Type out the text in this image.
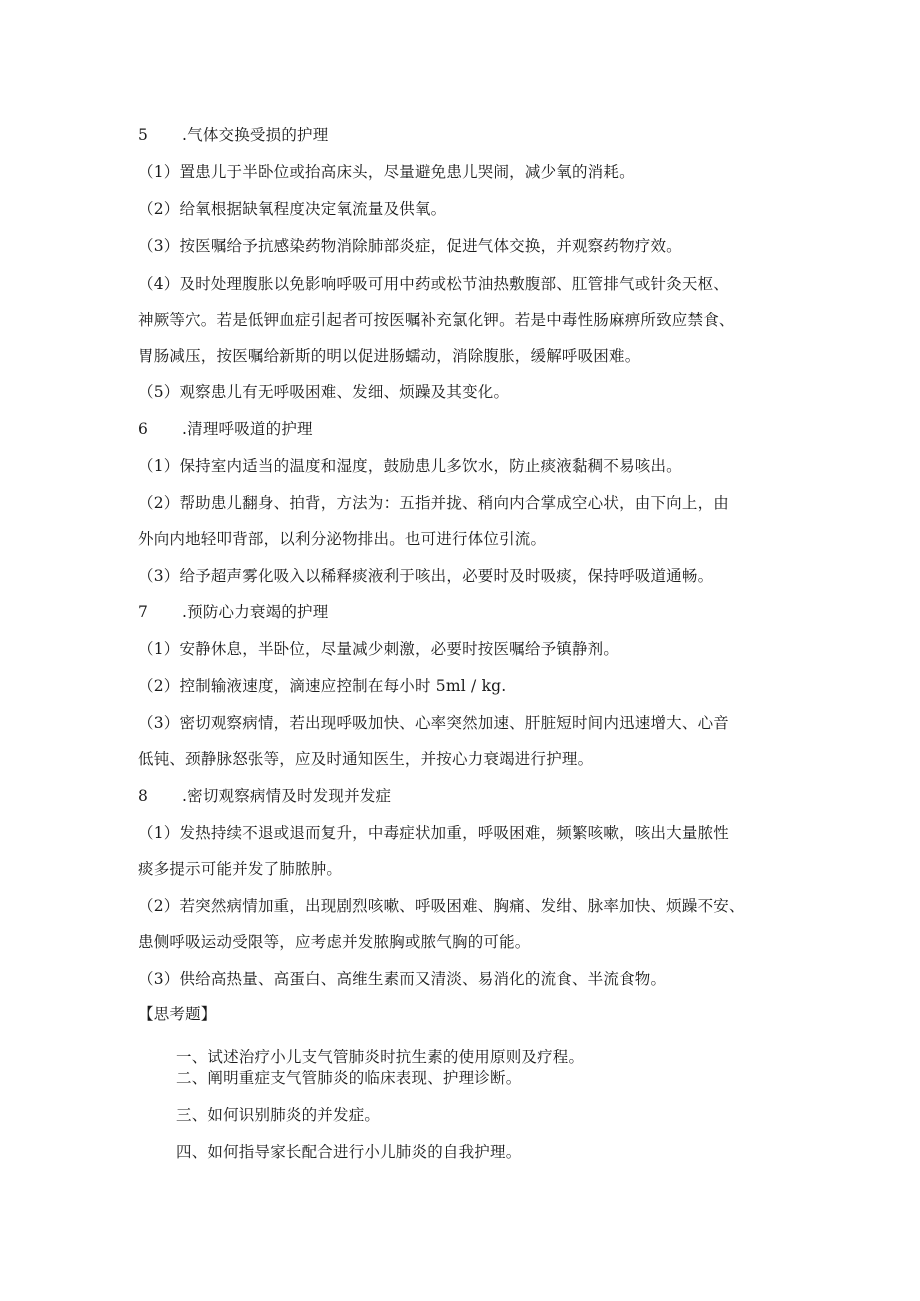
5 .气体交换受损的护理
（1）置患儿于半卧位或抬高床头，尽量避免患儿哭闹，减少氧的消耗。
（2）给氧根据缺氧程度决定氧流量及供氧。
（3）按医嘱给予抗感染药物消除肺部炎症，促进气体交换，并观察药物疗效。
（4）及时处理腹胀以免影响呼吸可用中药或松节油热敷腹部、肛管排气或针灸天枢、
神厥等穴。若是低钾血症引起者可按医嘱补充氯化钾。若是中毒性肠麻痹所致应禁食、
胃肠减压，按医嘱给新斯的明以促进肠蠕动，消除腹胀，缓解呼吸困难。
（5）观察患儿有无呼吸困难、发细、烦躁及其变化。
6 .清理呼吸道的护理
（1）保持室内适当的温度和湿度，鼓励患儿多饮水，防止痰液黏稠不易咳出。
（2）帮助患儿翻身、拍背，方法为：五指并拢、稍向内合掌成空心状，由下向上，由
外向内地轻叩背部，以利分泌物排出。也可进行体位引流。
（3）给予超声雾化吸入以稀释痰液利于咳出，必要时及时吸痰，保持呼吸道通畅。
7 .预防心力衰竭的护理
（1）安静休息，半卧位，尽量减少刺激，必要时按医嘱给予镇静剂。
（2）控制输液速度，滴速应控制在每小时 5ml / kg.
（3）密切观察病情，若出现呼吸加快、心率突然加速、肝脏短时间内迅速增大、心音
低钝、颈静脉怒张等，应及时通知医生，并按心力衰竭进行护理。
8 .密切观察病情及时发现并发症
（1）发热持续不退或退而复升，中毒症状加重，呼吸困难，频繁咳嗽，咳出大量脓性
痰多提示可能并发了肺脓肿。
（2）若突然病情加重，出现剧烈咳嗽、呼吸困难、胸痛、发绀、脉率加快、烦躁不安、
患侧呼吸运动受限等，应考虑并发脓胸或脓气胸的可能。
（3）供给高热量、高蛋白、高维生素而又清淡、易消化的流食、半流食物。
【思考题】
一、试述治疗小儿支气管肺炎时抗生素的使用原则及疗程。
二、阐明重症支气管肺炎的临床表现、护理诊断。
三、如何识别肺炎的并发症。
四、如何指导家长配合进行小儿肺炎的自我护理。
